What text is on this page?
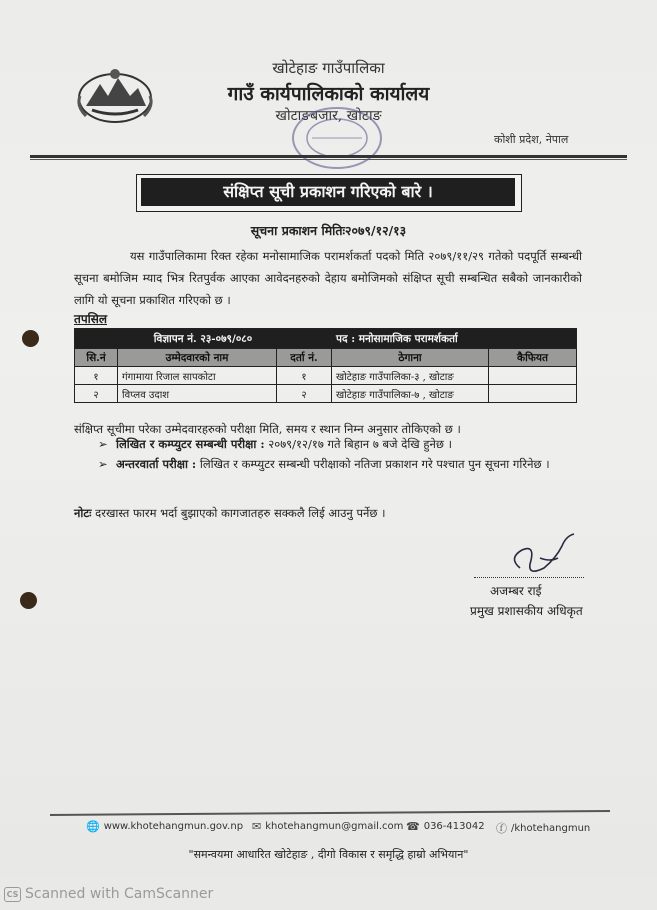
खोटेहाङ गाउँपालिका
गाउँ कार्यपालिकाको कार्यालय
खोटाङबजार, खोटाङ
कोशी प्रदेश, नेपाल
संक्षिप्त सूची प्रकाशन गरिएको बारे ।
सूचना प्रकाशन मितिः२०७९/१२/१३
यस गाउँपालिकामा रिक्त रहेका मनोसामाजिक परामर्शकर्ता पदको मिति २०७९/११/२९ गतेको पदपूर्ति सम्बन्धी सूचना बमोजिम म्याद भित्र रितपुर्वक आएका आवेदनहरुको देहाय बमोजिमको संक्षिप्त सूची सम्बन्धित सबैको जानकारीको लागि यो सूचना प्रकाशित गरिएको छ ।
तपसिल
विज्ञापन नं. २३-०७९/०८०			पद : मनोसामाजिक परामर्शकर्ता	
सि.नं	उम्मेदवारको नाम	दर्ता नं.	ठेगाना	कैफियत
१	गंगामाया रिजाल सापकोटा	१	खोटेहाङ गाउँपालिका-३ , खोटाङ	
२	विप्लव उदाश	२	खोटेहाङ गाउँपालिका-७ , खोटाङ	
संक्षिप्त सूचीमा परेका उम्मेदवारहरुको परीक्षा मिति, समय र स्थान निम्न अनुसार तोकिएको छ ।
➢ लिखित र कम्प्युटर सम्बन्धी परीक्षा : २०७९/१२/१७ गते बिहान ७ बजे देखि हुनेछ ।
➢ अन्तरवार्ता परीक्षा : लिखित र कम्प्युटर सम्बन्धी परीक्षाको नतिजा प्रकाशन गरे पश्चात पुन सूचना गरिनेछ ।
नोटः दरखास्त फारम भर्दा बुझाएको कागजातहरु सक्कलै लिई आउनु पर्नेछ ।
अजम्बर राई
प्रमुख प्रशासकीय अधिकृत
🌐 www.khotehangmun.gov.np ✉ khotehangmun@gmail.com ☎ 036-413042 ⓕ /khotehangmun
"समन्वयमा आधारित खोटेहाङ , दीगो विकास र समृद्धि हाम्रो अभियान"
CS Scanned with CamScanner
